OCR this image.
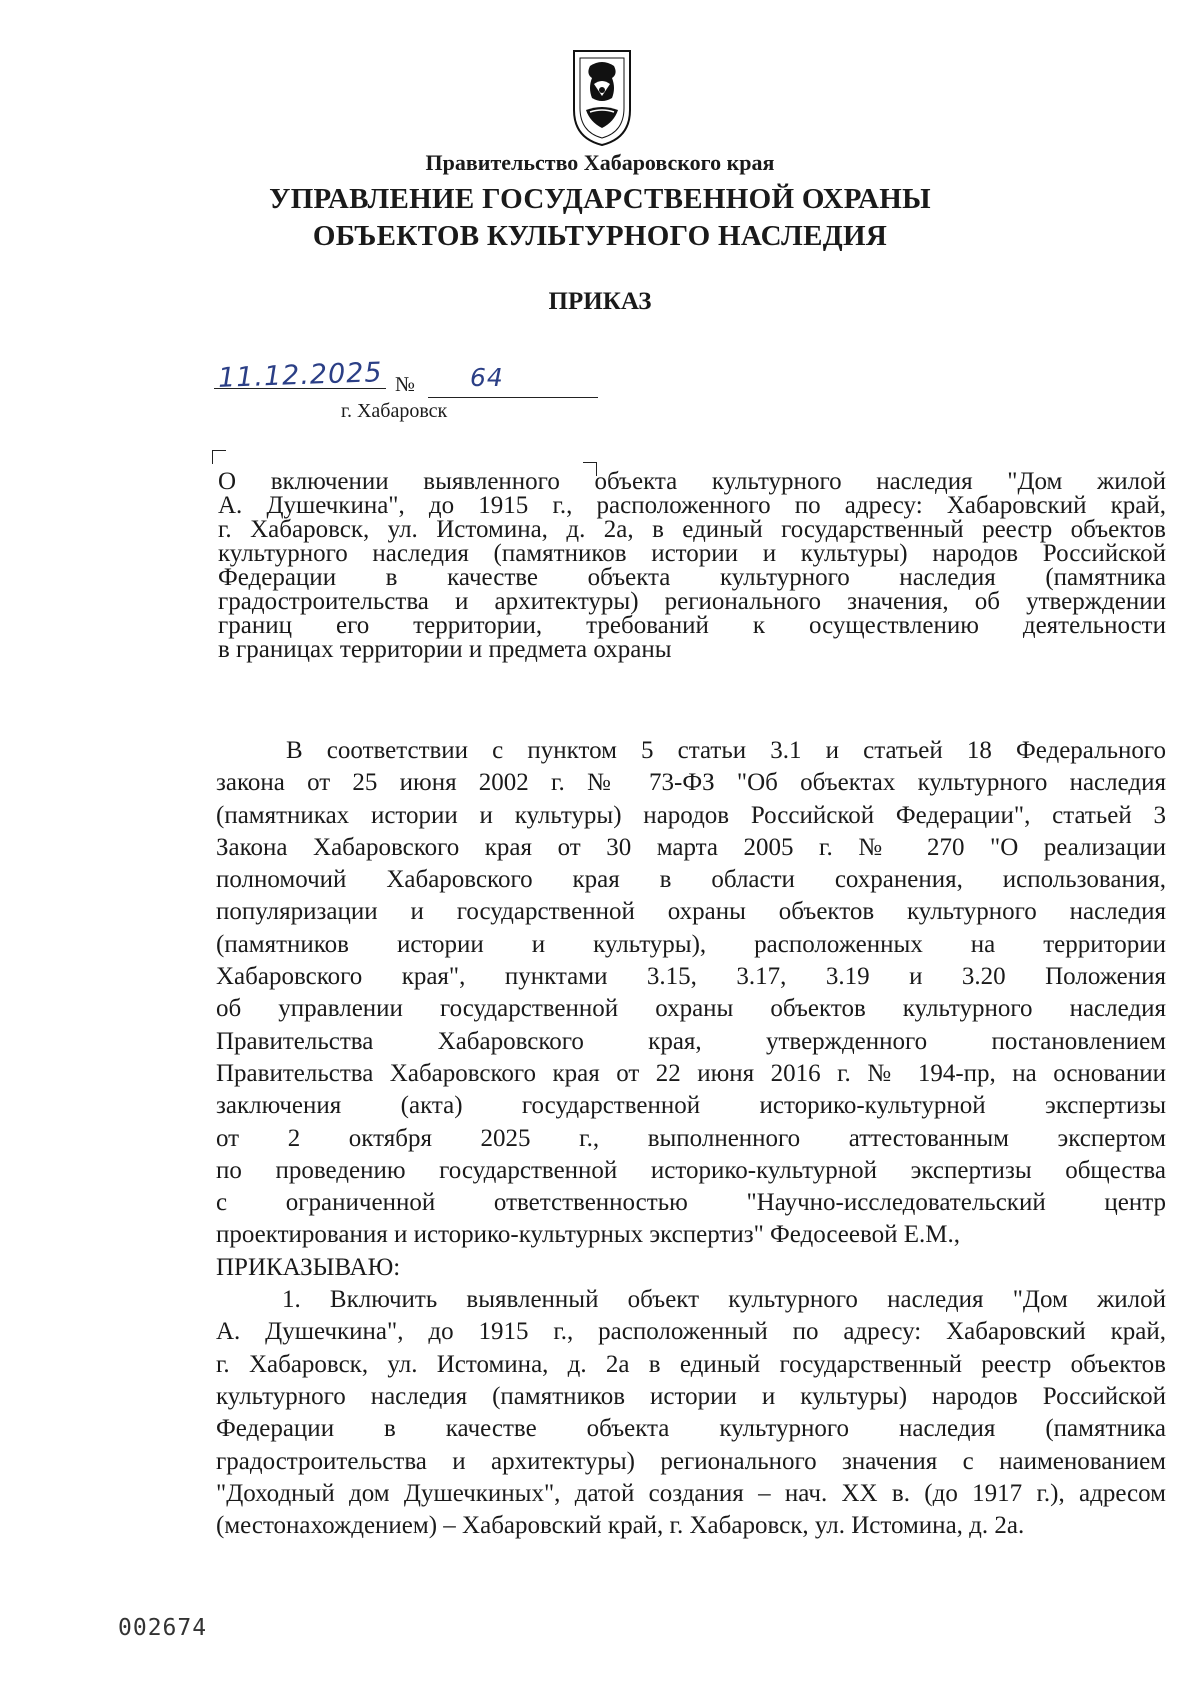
Правительство Хабаровского края
УПРАВЛЕНИЕ ГОСУДАРСТВЕННОЙ ОХРАНЫ
ОБЪЕКТОВ КУЛЬТУРНОГО НАСЛЕДИЯ
ПРИКАЗ
11.12.2025 № 64
г. Хабаровск
О включении выявленного объекта культурного наследия "Дом жилой
А. Душечкина", до 1915 г., расположенного по адресу: Хабаровский край,
г. Хабаровск, ул. Истомина, д. 2а, в единый государственный реестр объектов
культурного наследия (памятников истории и культуры) народов Российской
Федерации в качестве объекта культурного наследия (памятника
градостроительства и архитектуры) регионального значения, об утверждении
границ его территории, требований к осуществлению деятельности
в границах территории и предмета охраны
В соответствии с пунктом 5 статьи 3.1 и статьей 18 Федерального
закона от 25 июня 2002 г. № 73-ФЗ "Об объектах культурного наследия
(памятниках истории и культуры) народов Российской Федерации", статьей 3
Закона Хабаровского края от 30 марта 2005 г. № 270 "О реализации
полномочий Хабаровского края в области сохранения, использования,
популяризации и государственной охраны объектов культурного наследия
(памятников истории и культуры), расположенных на территории
Хабаровского края", пунктами 3.15, 3.17, 3.19 и 3.20 Положения
об управлении государственной охраны объектов культурного наследия
Правительства Хабаровского края, утвержденного постановлением
Правительства Хабаровского края от 22 июня 2016 г. № 194-пр, на основании
заключения (акта) государственной историко-культурной экспертизы
от 2 октября 2025 г., выполненного аттестованным экспертом
по проведению государственной историко-культурной экспертизы общества
с ограниченной ответственностью "Научно-исследовательский центр
проектирования и историко-культурных экспертиз" Федосеевой Е.М.,
ПРИКАЗЫВАЮ:
1. Включить выявленный объект культурного наследия "Дом жилой
А. Душечкина", до 1915 г., расположенный по адресу: Хабаровский край,
г. Хабаровск, ул. Истомина, д. 2а в единый государственный реестр объектов
культурного наследия (памятников истории и культуры) народов Российской
Федерации в качестве объекта культурного наследия (памятника
градостроительства и архитектуры) регионального значения с наименованием
"Доходный дом Душечкиных", датой создания – нач. XX в. (до 1917 г.), адресом
(местонахождением) – Хабаровский край, г. Хабаровск, ул. Истомина, д. 2а.
002674
